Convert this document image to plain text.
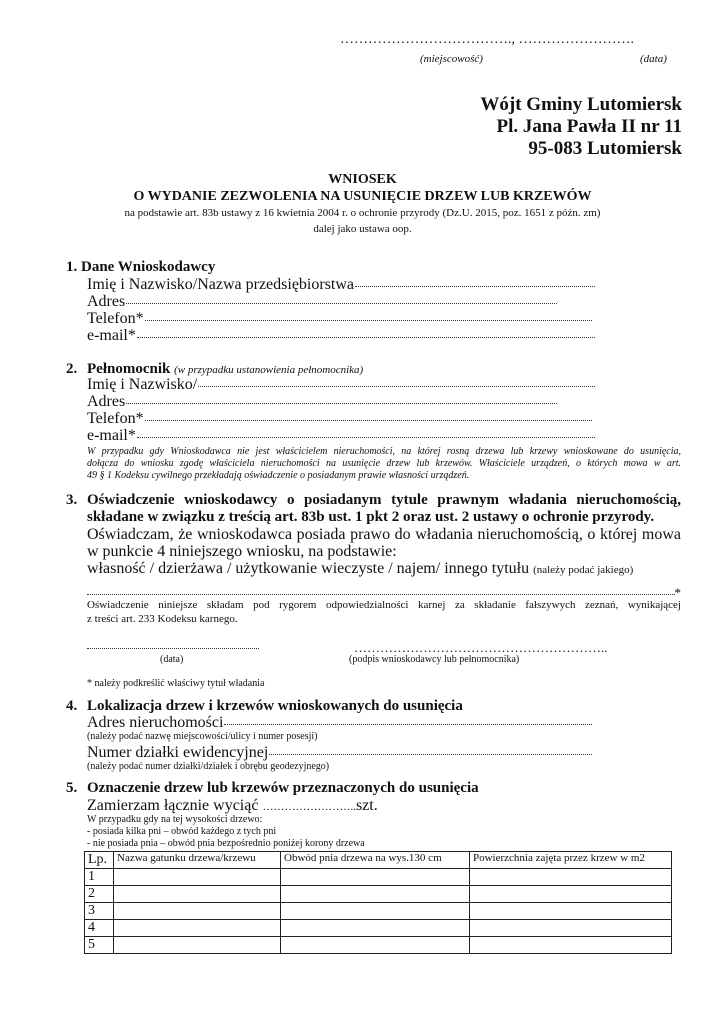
………………………………., …………………….
(miejscowość)	(data)
Wójt Gminy Lutomiersk
Pl. Jana Pawła II nr 11
95-083 Lutomiersk
WNIOSEK
O WYDANIE ZEZWOLENIA NA USUNIĘCIE DRZEW LUB KRZEWÓW
na podstawie art. 83b ustawy z 16 kwietnia 2004 r. o ochronie przyrody (Dz.U. 2015, poz. 1651 z późn. zm)
dalej jako ustawa oop.
1. Dane Wnioskodawcy
Imię i Nazwisko/Nazwa przedsiębiorstwa
Adres
Telefon*
e-mail*
2. Pełnomocnik (w przypadku ustanowienia pełnomocnika)
Imię i Nazwisko/
Adres
Telefon*
e-mail*
W przypadku gdy Wnioskodawca nie jest właścicielem nieruchomości, na której rosną drzewa lub krzewy wnioskowane do usunięcia,
dołącza do wniosku zgodę właściciela nieruchomości na usunięcie drzew lub krzewów. Właściciele urządzeń, o których mowa w art.
49 § 1 Kodeksu cywilnego przekładają oświadczenie o posiadanym prawie własności urządzeń.
3. Oświadczenie wnioskodawcy o posiadanym tytule prawnym władania nieruchomością,
składane w związku z treścią art. 83b ust. 1 pkt 2 oraz ust. 2 ustawy o ochronie przyrody.
Oświadczam, że wnioskodawca posiada prawo do władania nieruchomością, o której mowa
w punkcie 4 niniejszego wniosku, na podstawie:
własność / dzierżawa / użytkowanie wieczyste / najem/ innego tytułu (należy podać jakiego)
*
Oświadczenie niniejsze składam pod rygorem odpowiedzialności karnej za składanie fałszywych zeznań, wynikającej
z treści art. 233 Kodeksu karnego.
…………………………………………………..
(data)	(podpis wnioskodawcy lub pełnomocnika)
* należy podkreślić właściwy tytuł władania
4. Lokalizacja drzew i krzewów wnioskowanych do usunięcia
Adres nieruchomości
(należy podać nazwę miejscowości/ulicy i numer posesji)
Numer działki ewidencyjnej
(należy podać numer działki/działek i obrębu geodezyjnego)
5. Oznaczenie drzew lub krzewów przeznaczonych do usunięcia
Zamierzam łącznie wyciąć ……………………..szt.
W przypadku gdy na tej wysokości drzewo:
- posiada kilka pni – obwód każdego z tych pni
- nie posiada pnia – obwód pnia bezpośrednio poniżej korony drzewa
Lp.	Nazwa gatunku drzewa/krzewu	Obwód pnia drzewa na wys.130 cm	Powierzchnia zajęta przez krzew w m2
1			
2			
3			
4			
5			
